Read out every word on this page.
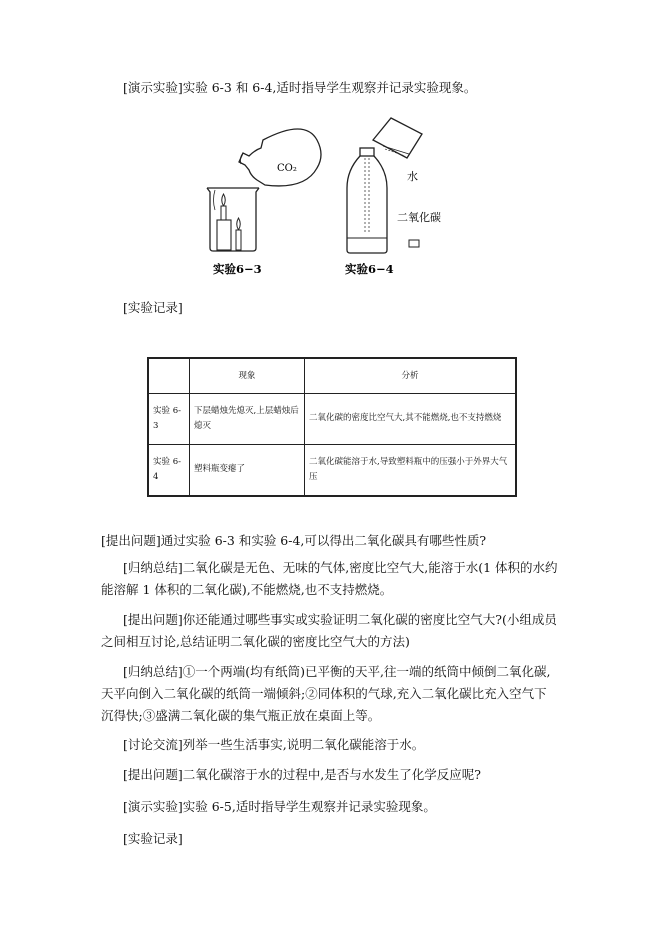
[演示实验]实验 6-3 和 6-4,适时指导学生观察并记录实验现象。
CO₂
水
二氧化碳
实验6−3	实验6−4
[实验记录]
	现象	分析
实验 6-3	下层蜡烛先熄灭,上层蜡烛后熄灭	二氧化碳的密度比空气大,其不能燃烧,也不支持燃烧
实验 6-4	塑料瓶变瘪了	二氧化碳能溶于水,导致塑料瓶中的压强小于外界大气压
[提出问题]通过实验 6-3 和实验 6-4,可以得出二氧化碳具有哪些性质?
[归纳总结]二氧化碳是无色、无味的气体,密度比空气大,能溶于水(1 体积的水约能溶解 1 体积的二氧化碳),不能燃烧,也不支持燃烧。
[提出问题]你还能通过哪些事实或实验证明二氧化碳的密度比空气大?(小组成员之间相互讨论,总结证明二氧化碳的密度比空气大的方法)
[归纳总结]①一个两端(均有纸筒)已平衡的天平,往一端的纸筒中倾倒二氧化碳,天平向倒入二氧化碳的纸筒一端倾斜;②同体积的气球,充入二氧化碳比充入空气下沉得快;③盛满二氧化碳的集气瓶正放在桌面上等。
[讨论交流]列举一些生活事实,说明二氧化碳能溶于水。
[提出问题]二氧化碳溶于水的过程中,是否与水发生了化学反应呢?
[演示实验]实验 6-5,适时指导学生观察并记录实验现象。
[实验记录]
